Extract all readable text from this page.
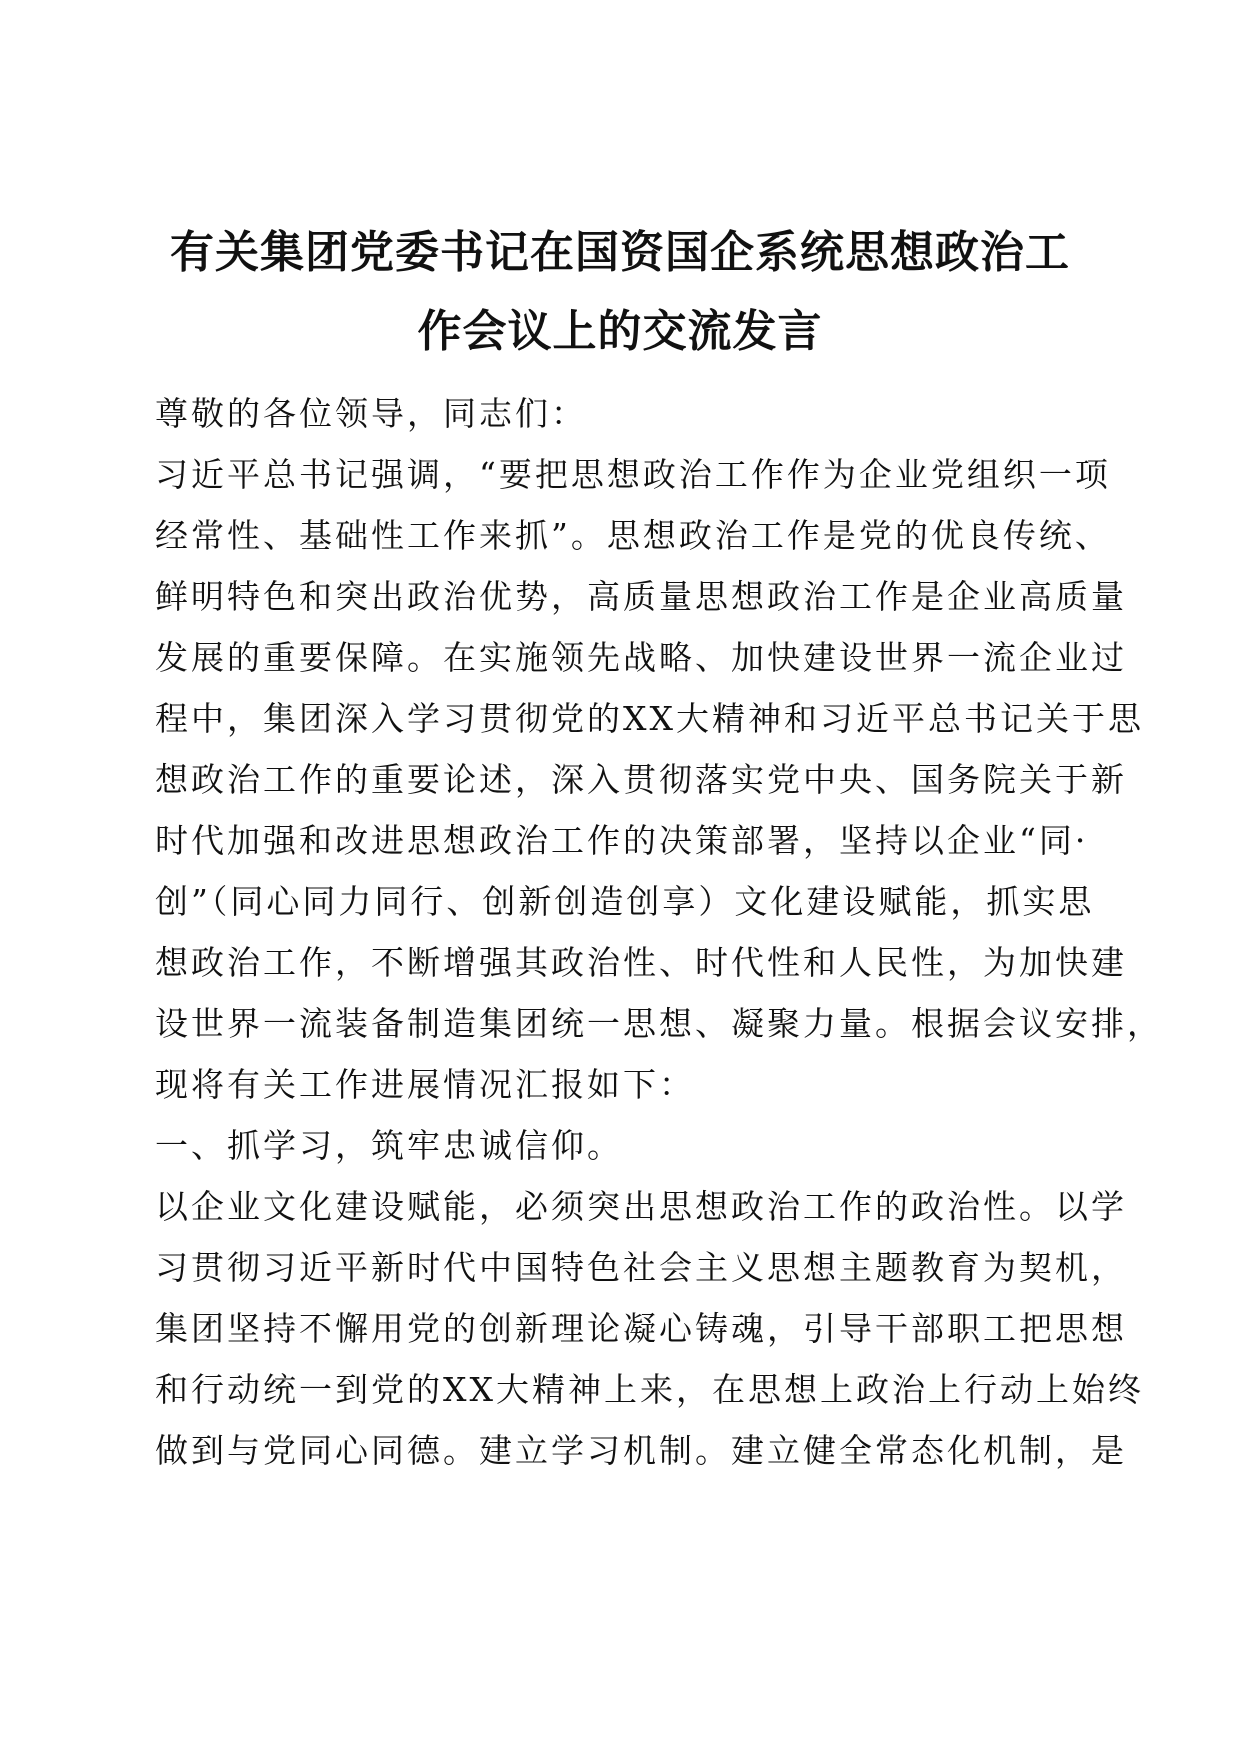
有关集团党委书记在国资国企系统思想政治工
作会议上的交流发言
尊敬的各位领导，同志们：
习近平总书记强调，“要把思想政治工作作为企业党组织一项
经常性、基础性工作来抓”。思想政治工作是党的优良传统、
鲜明特色和突出政治优势，高质量思想政治工作是企业高质量
发展的重要保障。在实施领先战略、加快建设世界一流企业过
程中，集团深入学习贯彻党的XX大精神和习近平总书记关于思
想政治工作的重要论述，深入贯彻落实党中央、国务院关于新
时代加强和改进思想政治工作的决策部署，坚持以企业“同·
创”（同心同力同行、创新创造创享）文化建设赋能，抓实思
想政治工作，不断增强其政治性、时代性和人民性，为加快建
设世界一流装备制造集团统一思想、凝聚力量。根据会议安排，
现将有关工作进展情况汇报如下：
一、抓学习，筑牢忠诚信仰。
以企业文化建设赋能，必须突出思想政治工作的政治性。以学
习贯彻习近平新时代中国特色社会主义思想主题教育为契机，
集团坚持不懈用党的创新理论凝心铸魂，引导干部职工把思想
和行动统一到党的XX大精神上来，在思想上政治上行动上始终
做到与党同心同德。建立学习机制。建立健全常态化机制，是
